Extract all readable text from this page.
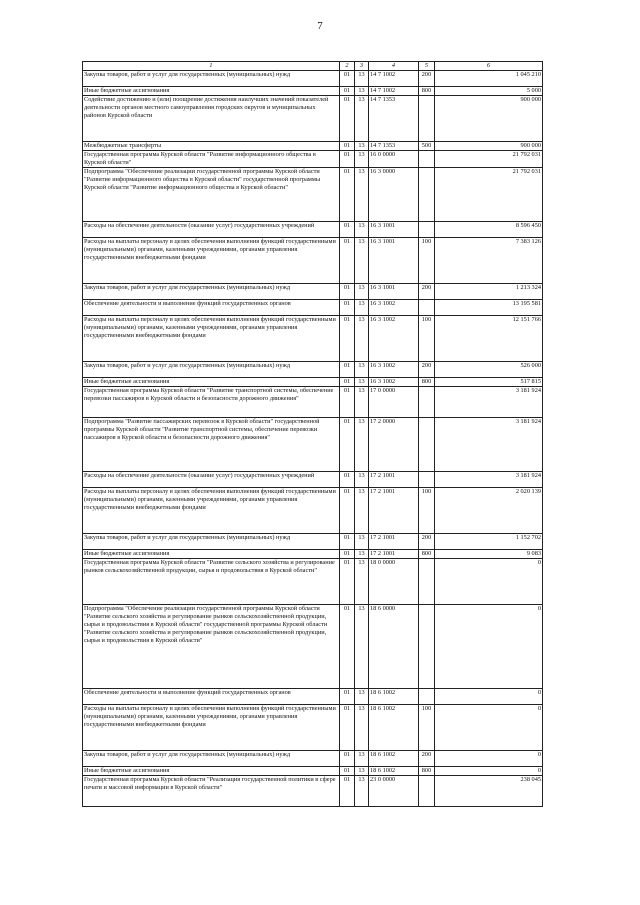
7
1	2	3	4	5	6
Закупка товаров, работ и услуг для государственных (муниципальных) нужд	01	13	14 7 1002	200	1 045 210
Иные бюджетные ассигнования	01	13	14 7 1002	800	5 000
Содействие достижению и (или) поощрение достижения наилучших значений показателей деятельности органов местного самоуправления городских округов и муниципальных районов Курской области	01	13	14 7 1353		900 000
Межбюджетные трансферты	01	13	14 7 1353	500	900 000
Государственная программа Курской области "Развитие информационного общества в Курской области"	01	13	16 0 0000		21 792 031
Подпрограмма "Обеспечение реализации государственной программы Курской области "Развитие информационного общества в Курской области" государственной программы Курской области "Развитие информационного общества в Курской области"	01	13	16 3 0000		21 792 031
Расходы на обеспечение деятельности (оказание услуг) государственных учреждений	01	13	16 3 1001		8 596 450
Расходы на выплаты персоналу в целях обеспечения выполнения функций государственными (муниципальными) органами, казенными учреждениями, органами управления государственными внебюджетными фондами	01	13	16 3 1001	100	7 383 126
Закупка товаров, работ и услуг для государственных (муниципальных) нужд	01	13	16 3 1001	200	1 213 324
Обеспечение деятельности и выполнение функций государственных органов	01	13	16 3 1002		13 195 581
Расходы на выплаты персоналу в целях обеспечения выполнения функций государственными (муниципальными) органами, казенными учреждениями, органами управления государственными внебюджетными фондами	01	13	16 3 1002	100	12 151 766
Закупка товаров, работ и услуг для государственных (муниципальных) нужд	01	13	16 3 1002	200	526 000
Иные бюджетные ассигнования	01	13	16 3 1002	800	517 815
Государственная программа Курской области "Развитие транспортной системы, обеспечение перевозки пассажиров в Курской области и безопасности дорожного движения"	01	13	17 0 0000		3 181 924
Подпрограмма "Развитие пассажирских перевозок в Курской области" государственной программы Курской области "Развитие транспортной системы, обеспечение перевозки пассажиров в Курской области и безопасности дорожного движения"	01	13	17 2 0000		3 181 924
Расходы на обеспечение деятельности (оказание услуг) государственных учреждений	01	13	17 2 1001		3 181 924
Расходы на выплаты персоналу в целях обеспечения выполнения функций государственными (муниципальными) органами, казенными учреждениями, органами управления государственными внебюджетными фондами	01	13	17 2 1001	100	2 020 139
Закупка товаров, работ и услуг для государственных (муниципальных) нужд	01	13	17 2 1001	200	1 152 702
Иные бюджетные ассигнования	01	13	17 2 1001	800	9 083
Государственная программа Курской области "Развитие сельского хозяйства и регулирование рынков сельскохозяйственной продукции, сырья и продовольствия в Курской области"	01	13	18 0 0000		0
Подпрограмма "Обеспечение реализации государственной программы Курской области "Развитие сельского хозяйства и регулирование рынков сельскохозяйственной продукции, сырья и продовольствия в Курской области" государственной программы Курской области "Развитие сельского хозяйства и регулирование рынков сельскохозяйственной продукции, сырья и продовольствия в Курской области"	01	13	18 6 0000		0
Обеспечение деятельности и выполнение функций государственных органов	01	13	18 6 1002		0
Расходы на выплаты персоналу в целях обеспечения выполнения функций государственными (муниципальными) органами, казенными учреждениями, органами управления государственными внебюджетными фондами	01	13	18 6 1002	100	0
Закупка товаров, работ и услуг для государственных (муниципальных) нужд	01	13	18 6 1002	200	0
Иные бюджетные ассигнования	01	13	18 6 1002	800	0
Государственная программа Курской области "Реализация государственной политики в сфере печати и массовой информации в Курской области"	01	13	23 0 0000		238 045
